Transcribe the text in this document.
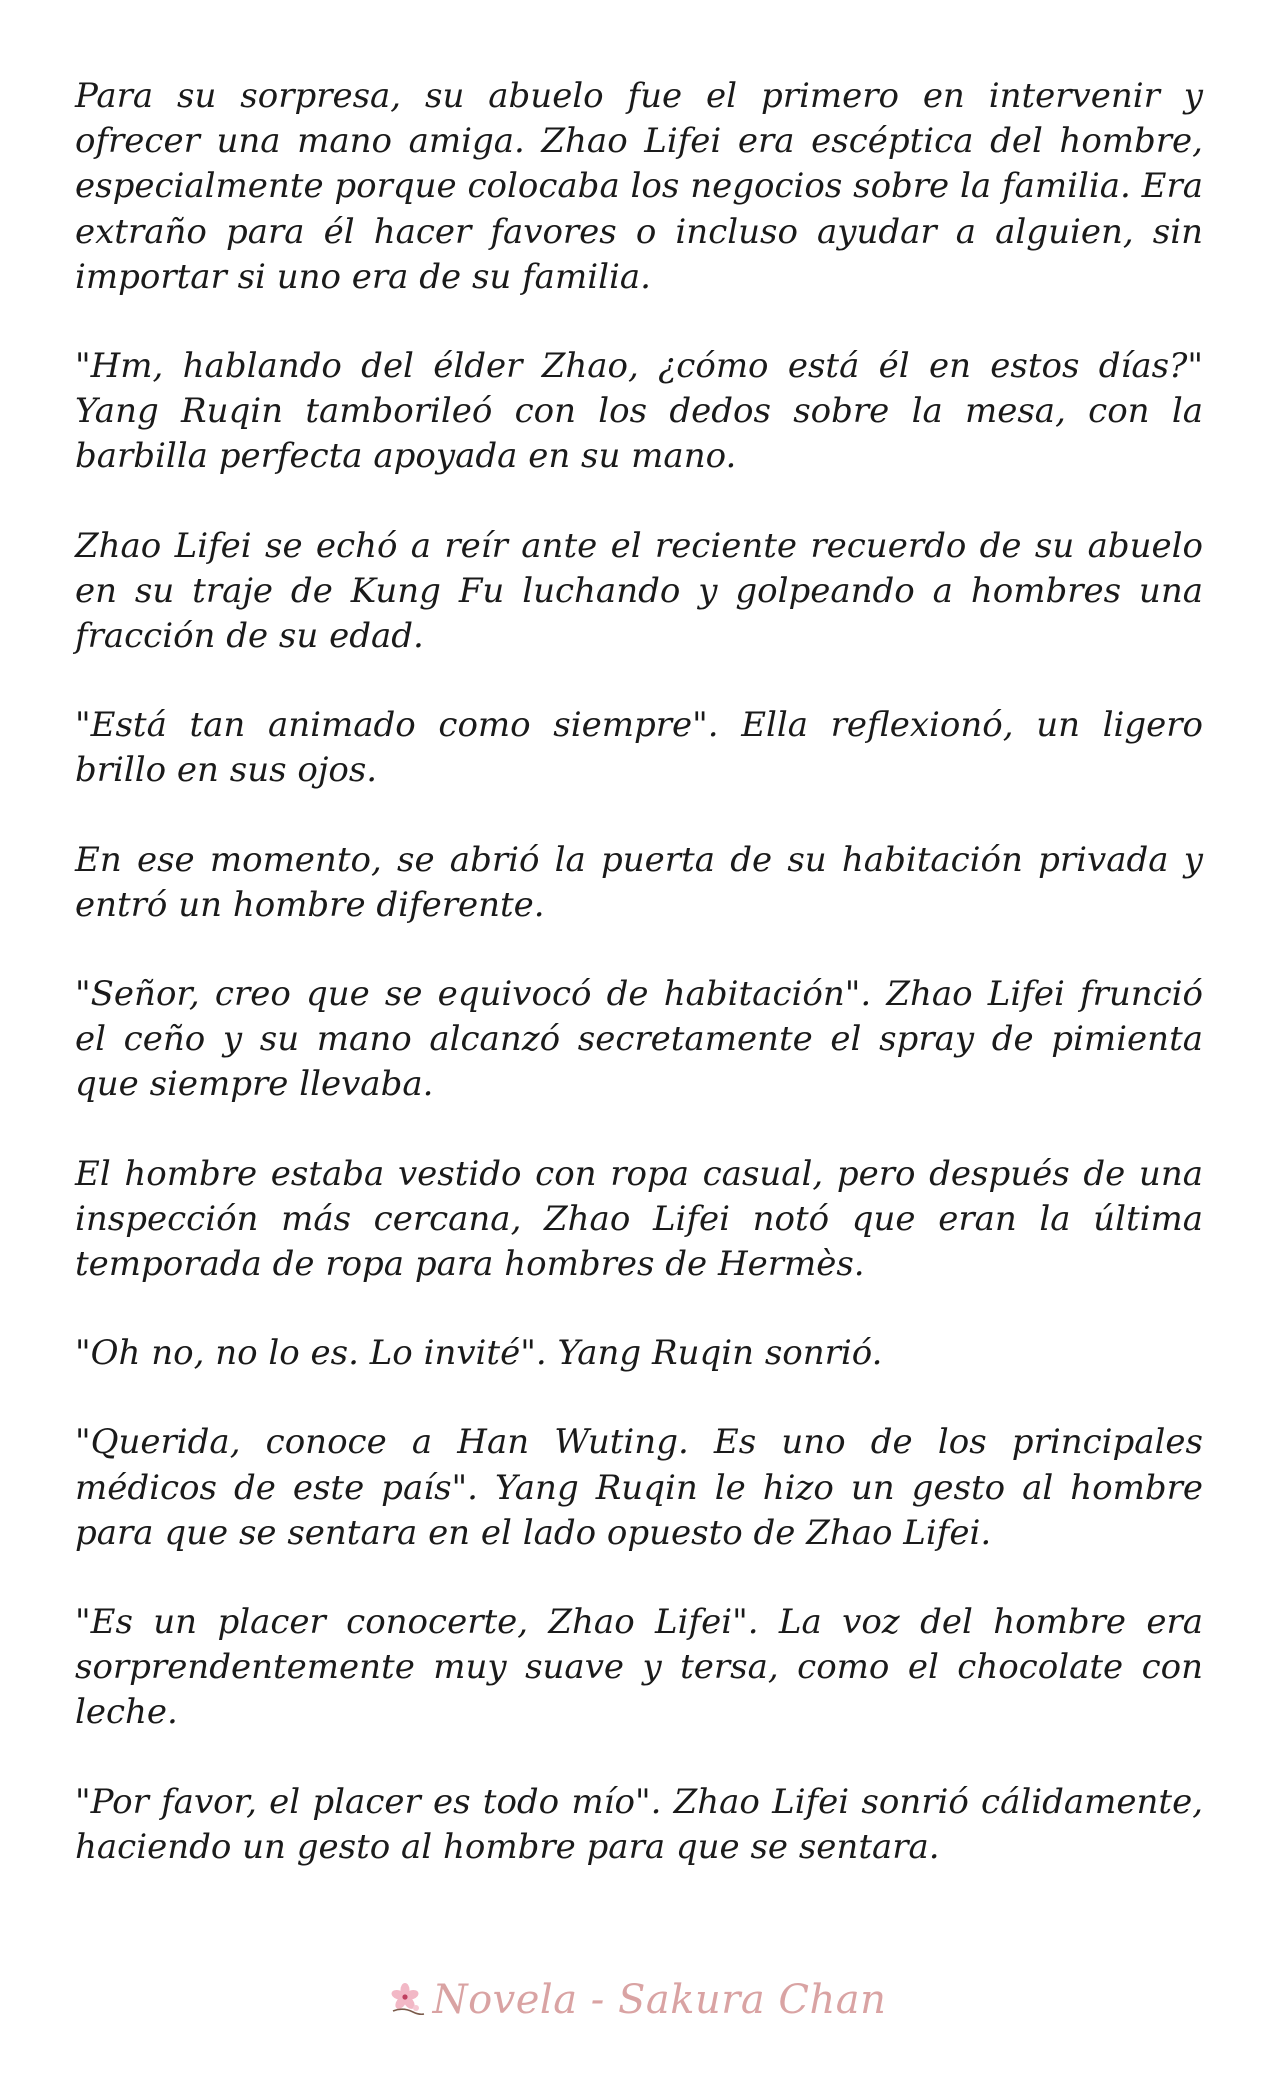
Para su sorpresa, su abuelo fue el primero en intervenir y ofrecer una mano amiga. Zhao Lifei era escéptica del hombre, especialmente porque colocaba los negocios sobre la familia. Era extraño para él hacer favores o incluso ayudar a alguien, sin importar si uno era de su familia.

"Hm, hablando del élder Zhao, ¿cómo está él en estos días?" Yang Ruqin tamborileó con los dedos sobre la mesa, con la barbilla perfecta apoyada en su mano.

Zhao Lifei se echó a reír ante el reciente recuerdo de su abuelo en su traje de Kung Fu luchando y golpeando a hombres una fracción de su edad.

"Está tan animado como siempre". Ella reflexionó, un ligero brillo en sus ojos.

En ese momento, se abrió la puerta de su habitación privada y entró un hombre diferente.

"Señor, creo que se equivocó de habitación". Zhao Lifei frunció el ceño y su mano alcanzó secretamente el spray de pimienta que siempre llevaba.

El hombre estaba vestido con ropa casual, pero después de una inspección más cercana, Zhao Lifei notó que eran la última temporada de ropa para hombres de Hermès.

"Oh no, no lo es. Lo invité". Yang Ruqin sonrió.

"Querida, conoce a Han Wuting. Es uno de los principales médicos de este país". Yang Ruqin le hizo un gesto al hombre para que se sentara en el lado opuesto de Zhao Lifei.

"Es un placer conocerte, Zhao Lifei". La voz del hombre era sorprendentemente muy suave y tersa, como el chocolate con leche.

"Por favor, el placer es todo mío". Zhao Lifei sonrió cálidamente, haciendo un gesto al hombre para que se sentara.

Novela - Sakura Chan
